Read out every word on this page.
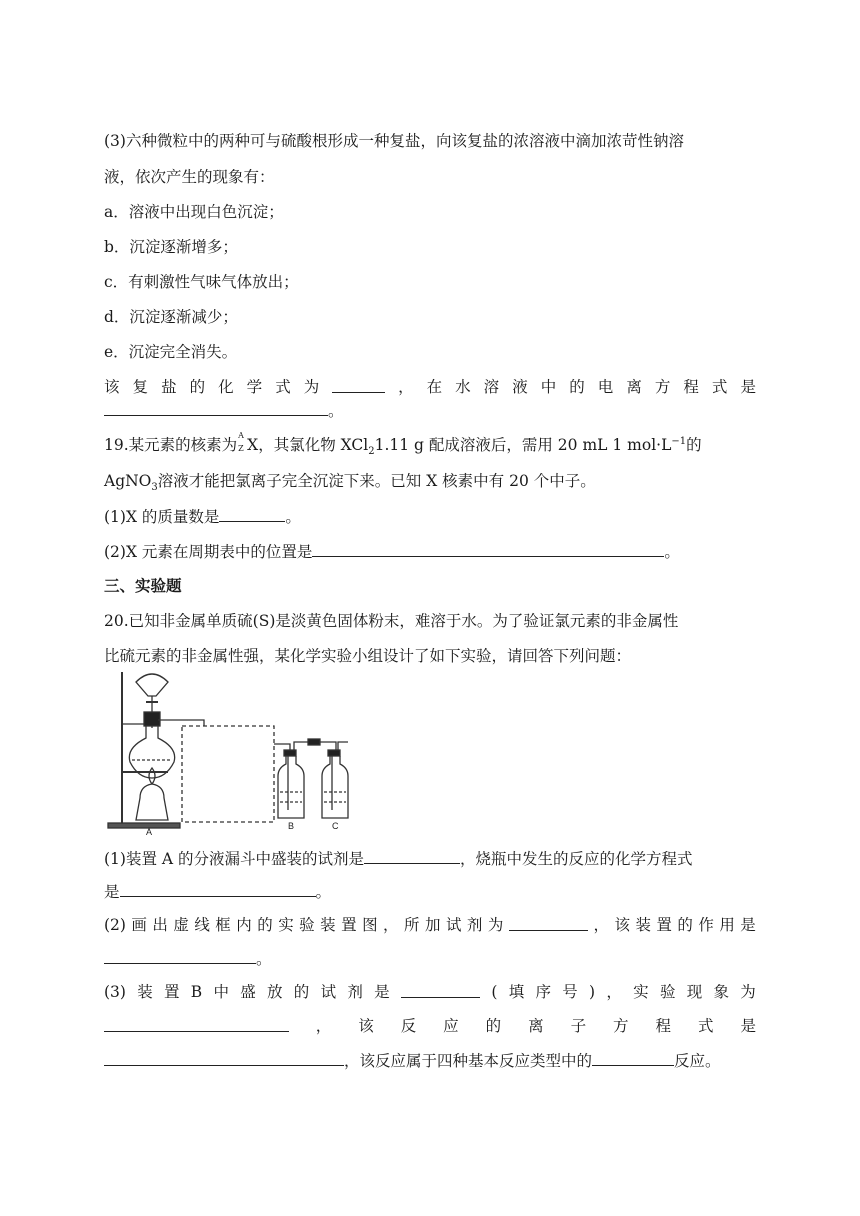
(3)六种微粒中的两种可与硫酸根形成一种复盐，向该复盐的浓溶液中滴加浓苛性钠溶
液，依次产生的现象有：
a．溶液中出现白色沉淀；
b．沉淀逐渐增多；
c．有刺激性气味气体放出；
d．沉淀逐渐减少；
e．沉淀完全消失。
该 复 盐 的 化 学 式 为	， 在 水 溶 液 中 的 电 离 方 程 式 是
。
19.某元素的核素为
A
Z X，其氯化物 XCl$_2$1.11 g 配成溶液后，需用 20 mL 1 $mol\cdot L^{-1}$的
AgNO$_3$溶液才能把氯离子完全沉淀下来。已知 X 核素中有 20 个中子。
(1)X 的质量数是	。
(2)X 元素在周期表中的位置是	。
三、实验题
20.已知非金属单质硫(S)是淡黄色固体粉末，难溶于水。为了验证氯元素的非金属性
比硫元素的非金属性强，某化学实验小组设计了如下实验，请回答下列问题：
A
B	C
(1)装置 A 的分液漏斗中盛装的试剂是	，烧瓶中发生的反应的化学方程式
是	。
(2) 画 出 虚 线 框 内 的 实 验 装 置 图 ， 所 加 试 剂 为	， 该 装 置 的 作 用 是
。
(3) 装 置 B 中 盛 放 的 试 剂 是	( 填 序 号 ) ， 实 验 现 象 为
， 该 反 应 的 离 子 方 程 式 是
，该反应属于四种基本反应类型中的	反应。
